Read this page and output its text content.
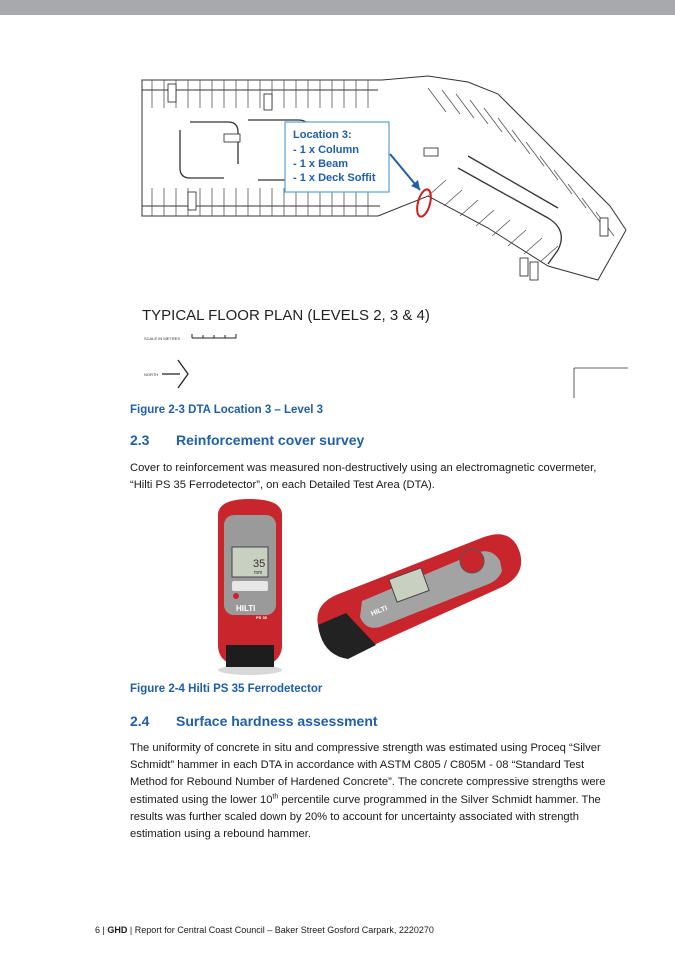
Location 3:
- 1 x Column
- 1 x Beam
- 1 x Deck Soffit
TYPICAL FLOOR PLAN (LEVELS 2, 3 & 4)
SCALE IN METRES
NORTH
Figure 2-3 DTA Location 3 – Level 3
2.3 Reinforcement cover survey
Cover to reinforcement was measured non-destructively using an electromagnetic covermeter, “Hilti PS 35 Ferrodetector”, on each Detailed Test Area (DTA).
35
mm
HILTI
PS 35	HILTI
Figure 2-4 Hilti PS 35 Ferrodetector
2.4 Surface hardness assessment
The uniformity of concrete in situ and compressive strength was estimated using Proceq “Silver Schmidt” hammer in each DTA in accordance with ASTM C805 / C805M - 08 “Standard Test Method for Rebound Number of Hardened Concrete”. The concrete compressive strengths were estimated using the lower 10th percentile curve programmed in the Silver Schmidt hammer. The results was further scaled down by 20% to account for uncertainty associated with strength estimation using a rebound hammer.
6 | GHD | Report for Central Coast Council – Baker Street Gosford Carpark, 2220270
